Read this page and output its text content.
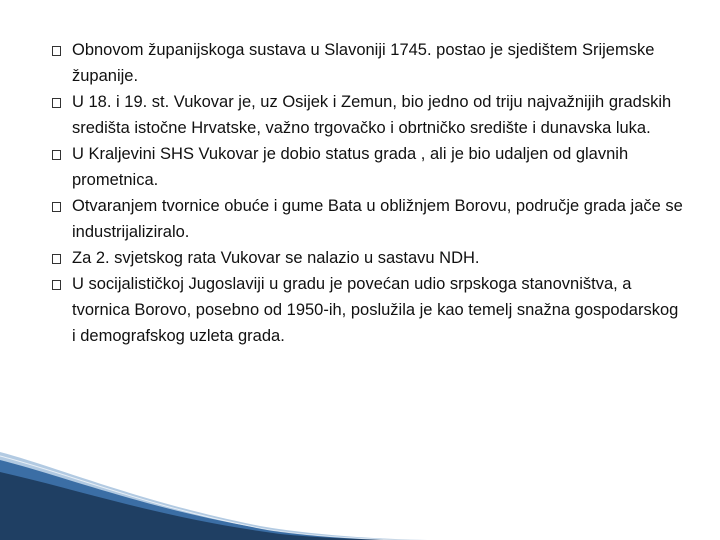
Obnovom županijskoga sustava u Slavoniji 1745. postao je sjedištem Srijemske županije.
U 18. i 19. st. Vukovar je, uz Osijek i Zemun, bio jedno od triju najvažnijih gradskih središta istočne Hrvatske, važno trgovačko i obrtničko središte i dunavska luka.
U Kraljevini SHS Vukovar je dobio status grada , ali je bio udaljen od glavnih prometnica.
Otvaranjem tvornice obuće i gume Bata u obližnjem Borovu, područje grada jače se industrijaliziralo.
Za 2. svjetskog rata Vukovar se nalazio u sastavu NDH.
U socijalističkoj Jugoslaviji u gradu je povećan udio srpskoga stanovništva, a tvornica Borovo, posebno od 1950-ih, poslužila je kao temelj snažna gospodarskog i demografskog uzleta grada.
